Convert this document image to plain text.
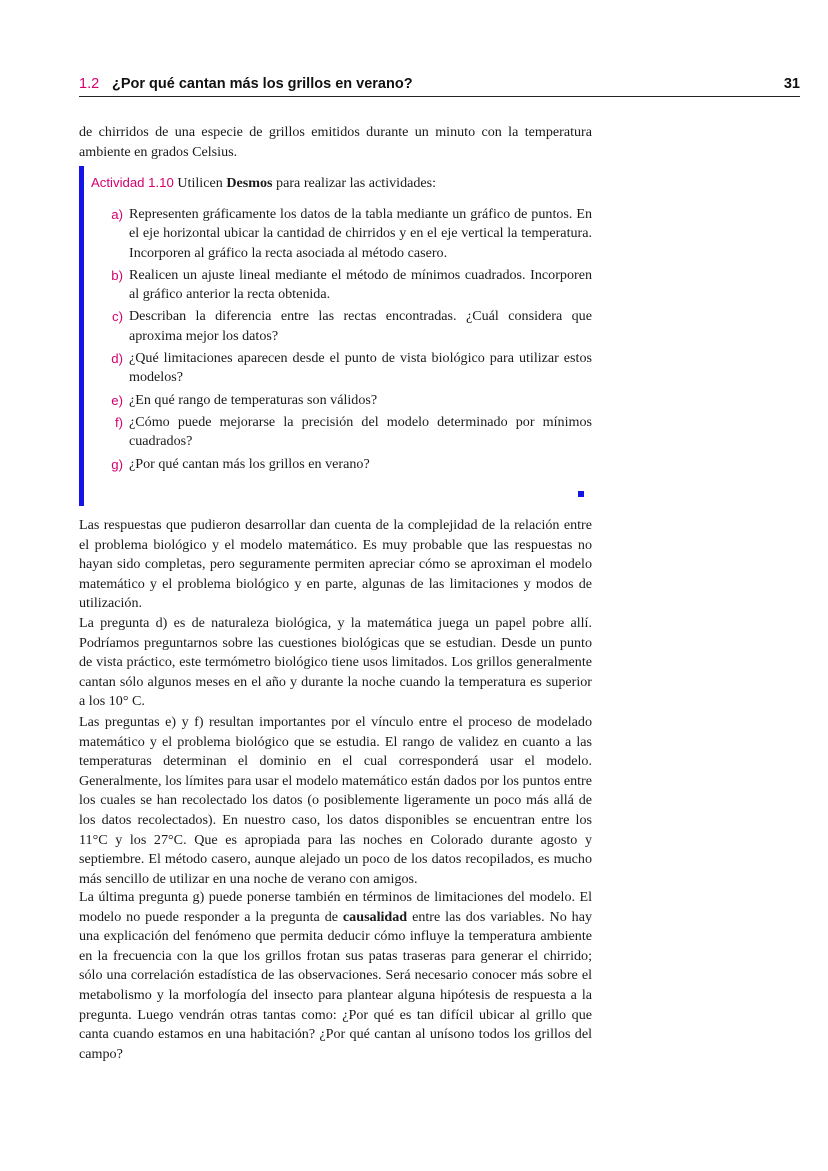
1.2 ¿Por qué cantan más los grillos en verano?	31

de chirridos de una especie de grillos emitidos durante un minuto con la temperatura ambiente en grados Celsius.

Actividad 1.10 Utilicen Desmos para realizar las actividades:
a) Representen gráficamente los datos de la tabla mediante un gráfico de puntos. En el eje horizontal ubicar la cantidad de chirridos y en el eje vertical la temperatura. Incorporen al gráfico la recta asociada al método casero.
b) Realicen un ajuste lineal mediante el método de mínimos cuadrados. Incorporen al gráfico anterior la recta obtenida.
c) Describan la diferencia entre las rectas encontradas. ¿Cuál considera que aproxima mejor los datos?
d) ¿Qué limitaciones aparecen desde el punto de vista biológico para utilizar estos modelos?
e) ¿En qué rango de temperaturas son válidos?
f) ¿Cómo puede mejorarse la precisión del modelo determinado por mínimos cuadrados?
g) ¿Por qué cantan más los grillos en verano?

Las respuestas que pudieron desarrollar dan cuenta de la complejidad de la relación entre el problema biológico y el modelo matemático. Es muy probable que las respuestas no hayan sido completas, pero seguramente permiten apreciar cómo se aproximan el modelo matemático y el problema biológico y en parte, algunas de las limitaciones y modos de utilización.

La pregunta d) es de naturaleza biológica, y la matemática juega un papel pobre allí. Podríamos preguntarnos sobre las cuestiones biológicas que se estudian. Desde un punto de vista práctico, este termómetro biológico tiene usos limitados. Los grillos generalmente cantan sólo algunos meses en el año y durante la noche cuando la temperatura es superior a los 10° C.

Las preguntas e) y f) resultan importantes por el vínculo entre el proceso de modelado matemático y el problema biológico que se estudia. El rango de validez en cuanto a las temperaturas determinan el dominio en el cual corresponderá usar el modelo. Generalmente, los límites para usar el modelo matemático están dados por los puntos entre los cuales se han recolectado los datos (o posiblemente ligeramente un poco más allá de los datos recolectados). En nuestro caso, los datos disponibles se encuentran entre los 11°C y los 27°C. Que es apropiada para las noches en Colorado durante agosto y septiembre. El método casero, aunque alejado un poco de los datos recopilados, es mucho más sencillo de utilizar en una noche de verano con amigos.

La última pregunta g) puede ponerse también en términos de limitaciones del modelo. El modelo no puede responder a la pregunta de causalidad entre las dos variables. No hay una explicación del fenómeno que permita deducir cómo influye la temperatura ambiente en la frecuencia con la que los grillos frotan sus patas traseras para generar el chirrido; sólo una correlación estadística de las observaciones. Será necesario conocer más sobre el metabolismo y la morfología del insecto para plantear alguna hipótesis de respuesta a la pregunta. Luego vendrán otras tantas como: ¿Por qué es tan difícil ubicar al grillo que canta cuando estamos en una habitación? ¿Por qué cantan al unísono todos los grillos del campo?
